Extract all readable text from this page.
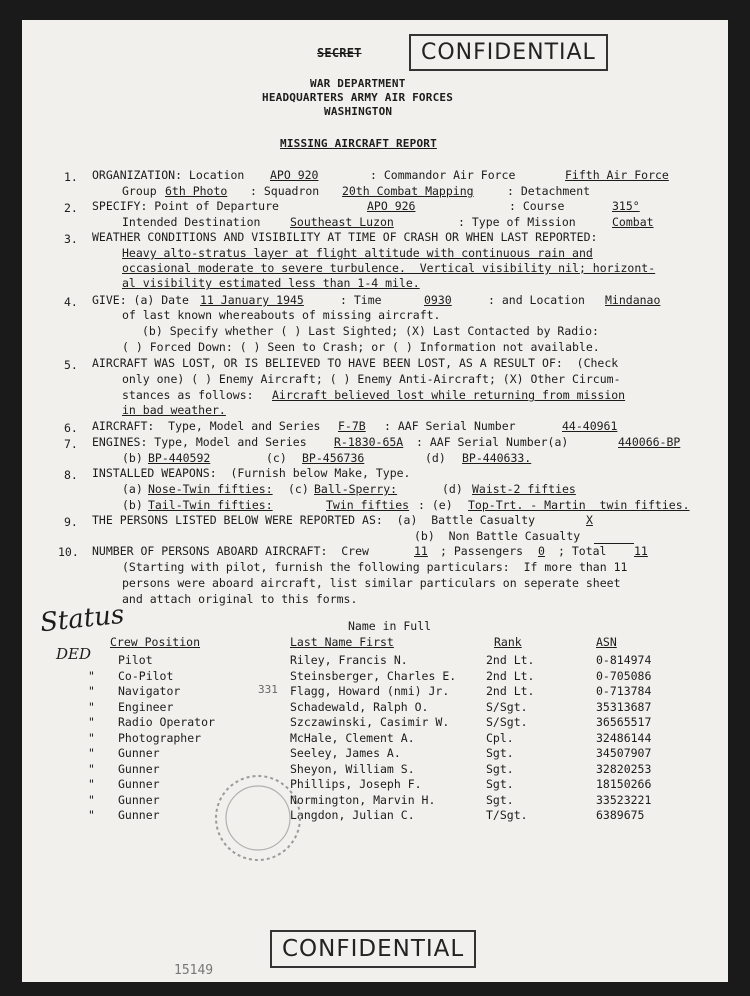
SECRET	CONFIDENTIAL
WAR DEPARTMENT
HEADQUARTERS ARMY AIR FORCES
WASHINGTON
MISSING AIRCRAFT REPORT
1. ORGANIZATION: Location APO 920	: Commandor Air Force	Fifth Air Force
Group 6th Photo : Squadron 20th Combat Mapping	: Detachment
2. SPECIFY: Point of Departure	APO 926	: Course	315°
Intended Destination	Southeast Luzon	: Type of Mission	Combat
3. WEATHER CONDITIONS AND VISIBILITY AT TIME OF CRASH OR WHEN LAST REPORTED:
Heavy alto-stratus layer at flight altitude with continuous rain and
occasional moderate to severe turbulence.  Vertical visibility nil; horizont-
al visibility estimated less than 1-4 mile.
4. GIVE: (a) Date 11 January 1945	: Time	0930	: and Location Mindanao
of last known whereabouts of missing aircraft.
(b) Specify whether ( ) Last Sighted; (X) Last Contacted by Radio:
( ) Forced Down: ( ) Seen to Crash; or ( ) Information not available.
5. AIRCRAFT WAS LOST, OR IS BELIEVED TO HAVE BEEN LOST, AS A RESULT OF:  (Check
only one) ( ) Enemy Aircraft; ( ) Enemy Anti-Aircraft; (X) Other Circum-
stances as follows: Aircraft believed lost while returning from mission
in bad weather.
6. AIRCRAFT:  Type, Model and Series F-7B : AAF Serial Number	44-40961
7. ENGINES: Type, Model and Series R-1830-65A : AAF Serial Number(a)	440066-BP
(b) BP-440592	(c) BP-456736	(d) BP-440633.
8. INSTALLED WEAPONS:  (Furnish below Make, Type.
(a) Nose-Twin fifties: (c) Ball-Sperry:	(d) Waist-2 fifties
(b) Tail-Twin fifties:	Twin fifties : (e) Top-Trt. - Martin  twin fifties.
9. THE PERSONS LISTED BELOW WERE REPORTED AS:  (a)  Battle Casualty	X
(b)  Non Battle Casualty
10. NUMBER OF PERSONS ABOARD AIRCRAFT:  Crew	11 ; Passengers 0 ; Total 11
(Starting with pilot, furnish the following particulars:  If more than 11
persons were aboard aircraft, list similar particulars on seperate sheet
and attach original to this forms.
Status
DED
Name in Full
Crew Position	Last Name First	Rank	ASN
331
Pilot	Riley, Francis N.	2nd Lt.	0-814974
" Co-Pilot	Steinsberger, Charles E.	2nd Lt.	0-705086
" Navigator	Flagg, Howard (nmi) Jr.	2nd Lt.	0-713784
" Engineer	Schadewald, Ralph O.	S/Sgt.	35313687
" Radio Operator	Szczawinski, Casimir W.	S/Sgt.	36565517
" Photographer	McHale, Clement A.	Cpl.	32486144
" Gunner	Seeley, James A.	Sgt.	34507907
" Gunner	Sheyon, William S.	Sgt.	32820253
" Gunner	Phillips, Joseph F.	Sgt.	18150266
" Gunner	Normington, Marvin H.	Sgt.	33523221
" Gunner	Langdon, Julian C.	T/Sgt.	6389675
CONFIDENTIAL
15149
